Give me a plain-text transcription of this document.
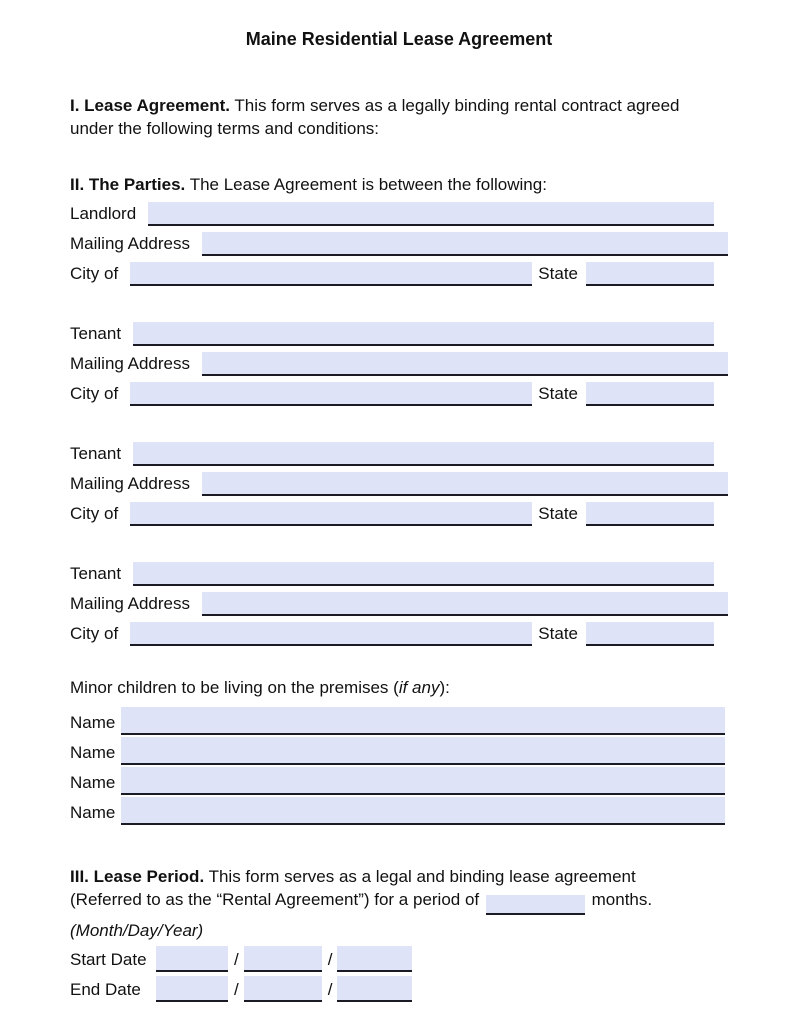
Maine Residential Lease Agreement

I. Lease Agreement. This form serves as a legally binding rental contract agreed
under the following terms and conditions:

II. The Parties. The Lease Agreement is between the following:

Landlord
Mailing Address
City of	State
Tenant
Mailing Address
City of	State
Tenant
Mailing Address
City of	State
Tenant
Mailing Address
City of	State

Minor children to be living on the premises (if any):

Name
Name
Name
Name

III. Lease Period. This form serves as a legal and binding lease agreement
(Referred to as the “Rental Agreement”) for a period of	months.

(Month/Day/Year)

Start Date	/	/
End Date	/	/
